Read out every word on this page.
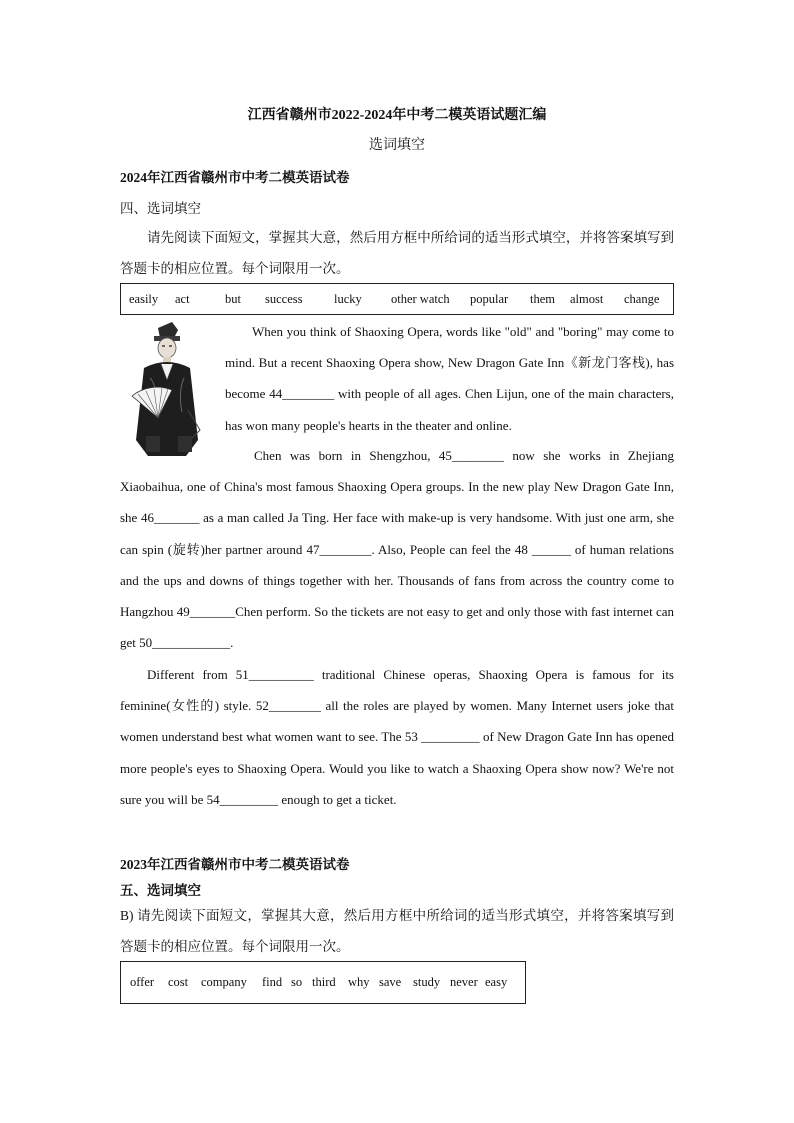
江西省赣州市2022-2024年中考二模英语试题汇编
选词填空
2024年江西省赣州市中考二模英语试卷
四、选词填空
请先阅读下面短文，掌握其大意，然后用方框中所给词的适当形式填空，并将答案填写到答题卡的相应位置。每个词限用一次。
easily	act	but	success	lucky	other watch	popular	them	almost	change
When you think of Shaoxing Opera, words like "old" and "boring" may come to mind. But a recent Shaoxing Opera show, New Dragon Gate Inn《新龙门客栈), has become 44________ with people of all ages. Chen Lijun, one of the main characters, has won many people's hearts in the theater and online.
Chen was born in Shengzhou, 45________ now she works in Zhejiang Xiaobaihua, one of China's most famous Shaoxing Opera groups. In the new play New Dragon Gate Inn, she 46_______ as a man called Ja Ting. Her face with make-up is very handsome. With just one arm, she can spin (旋转)her partner around 47________. Also, People can feel the 48 ______ of human relations and the ups and downs of things together with her. Thousands of fans from across the country come to Hangzhou 49_______Chen perform. So the tickets are not easy to get and only those with fast internet can get 50____________.
Different from 51__________ traditional Chinese operas, Shaoxing Opera is famous for its feminine(女性的) style. 52________ all the roles are played by women. Many Internet users joke that women understand best what women want to see. The 53 _________ of New Dragon Gate Inn has opened more people's eyes to Shaoxing Opera. Would you like to watch a Shaoxing Opera show now? We're not sure you will be 54_________ enough to get a ticket.
2023年江西省赣州市中考二模英语试卷
五、选词填空
B) 请先阅读下面短文，掌握其大意，然后用方框中所给词的适当形式填空，并将答案填写到答题卡的相应位置。每个词限用一次。
offer	cost	company	find so third why save study never easy
